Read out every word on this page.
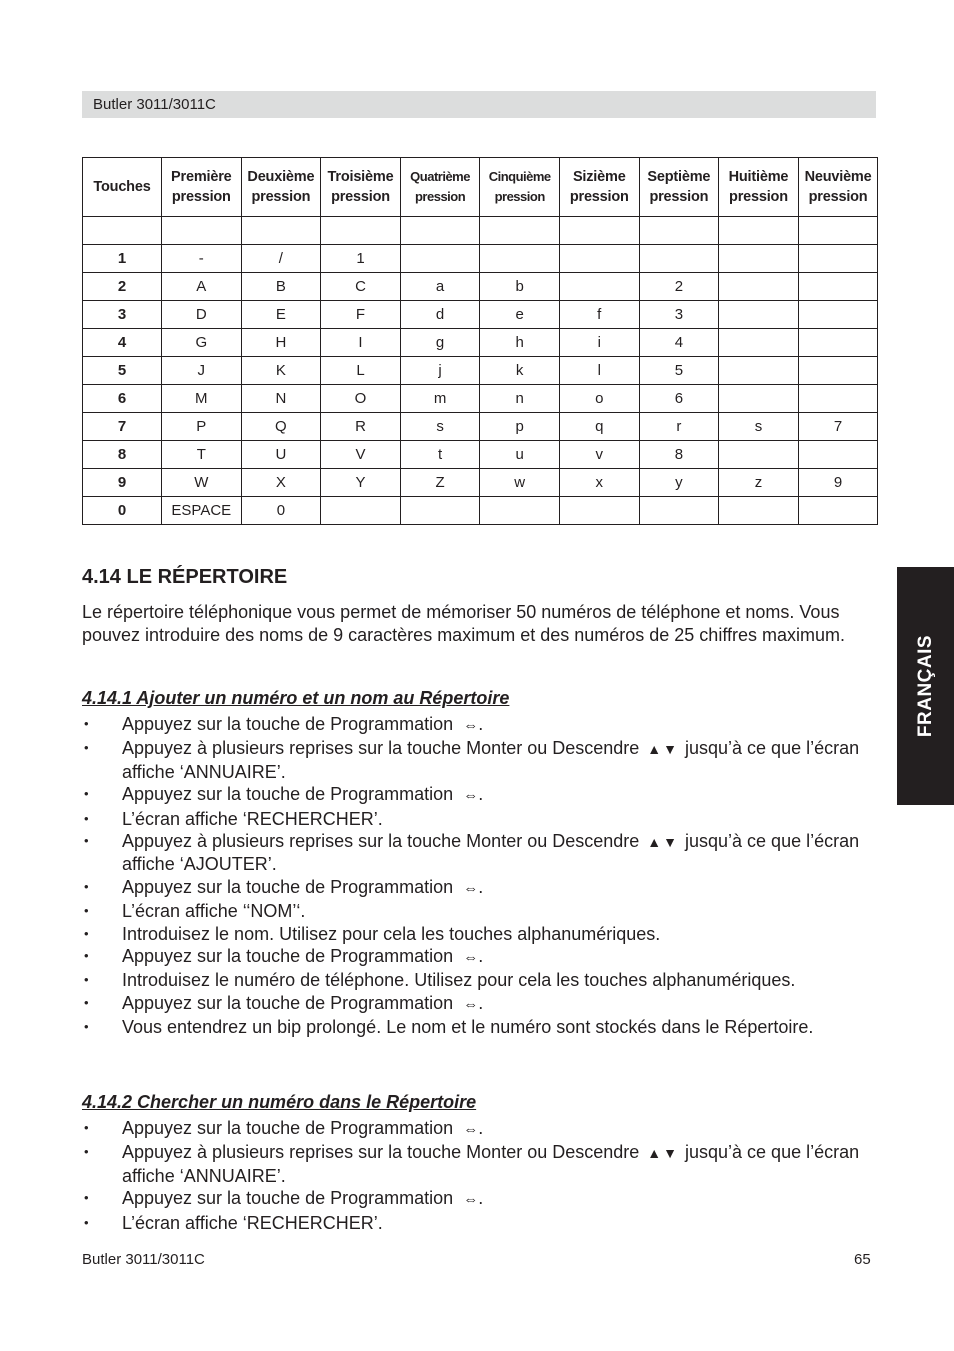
Butler 3011/3011C
Touches	Première pression	Deuxième pression	Troisième pression	Quatrième pression	Cinquième pression	Sizième pression	Septième pression	Huitième pression	Neuvième pression

1	-	/	1						
2	A	B	C	a	b		2		
3	D	E	F	d	e	f	3		
4	G	H	I	g	h	i	4		
5	J	K	L	j	k	l	5		
6	M	N	O	m	n	o	6		
7	P	Q	R	s	p	q	r	s	7
8	T	U	V	t	u	v	8		
9	W	X	Y	Z	w	x	y	z	9
0	ESPACE	0							
FRANÇAIS
4.14 LE RÉPERTOIRE

Le répertoire téléphonique vous permet de mémoriser 50 numéros de téléphone et noms. Vous pouvez introduire des noms de 9 caractères maximum et des numéros de 25 chiffres maximum.

4.14.1 Ajouter un numéro et un nom au Répertoire
• Appuyez sur la touche de Programmation ⇔.
• Appuyez à plusieurs reprises sur la touche Monter ou Descendre ▲▼ jusqu’à ce que l’écran affiche ‘ANNUAIRE’.
• Appuyez sur la touche de Programmation ⇔.
• L’écran affiche ‘RECHERCHER’.
• Appuyez à plusieurs reprises sur la touche Monter ou Descendre ▲▼ jusqu’à ce que l’écran affiche ‘AJOUTER’.
• Appuyez sur la touche de Programmation ⇔.
• L’écran affiche ‘‘NOM’‘.
• Introduisez le nom. Utilisez pour cela les touches alphanumériques.
• Appuyez sur la touche de Programmation ⇔.
• Introduisez le numéro de téléphone. Utilisez pour cela les touches alphanumériques.
• Appuyez sur la touche de Programmation ⇔.
• Vous entendrez un bip prolongé. Le nom et le numéro sont stockés dans le Répertoire.
4.14.2 Chercher un numéro dans le Répertoire
• Appuyez sur la touche de Programmation ⇔.
• Appuyez à plusieurs reprises sur la touche Monter ou Descendre ▲▼ jusqu’à ce que l’écran affiche ‘ANNUAIRE’.
• Appuyez sur la touche de Programmation ⇔.
• L’écran affiche ‘RECHERCHER’.
Butler 3011/3011C	65
